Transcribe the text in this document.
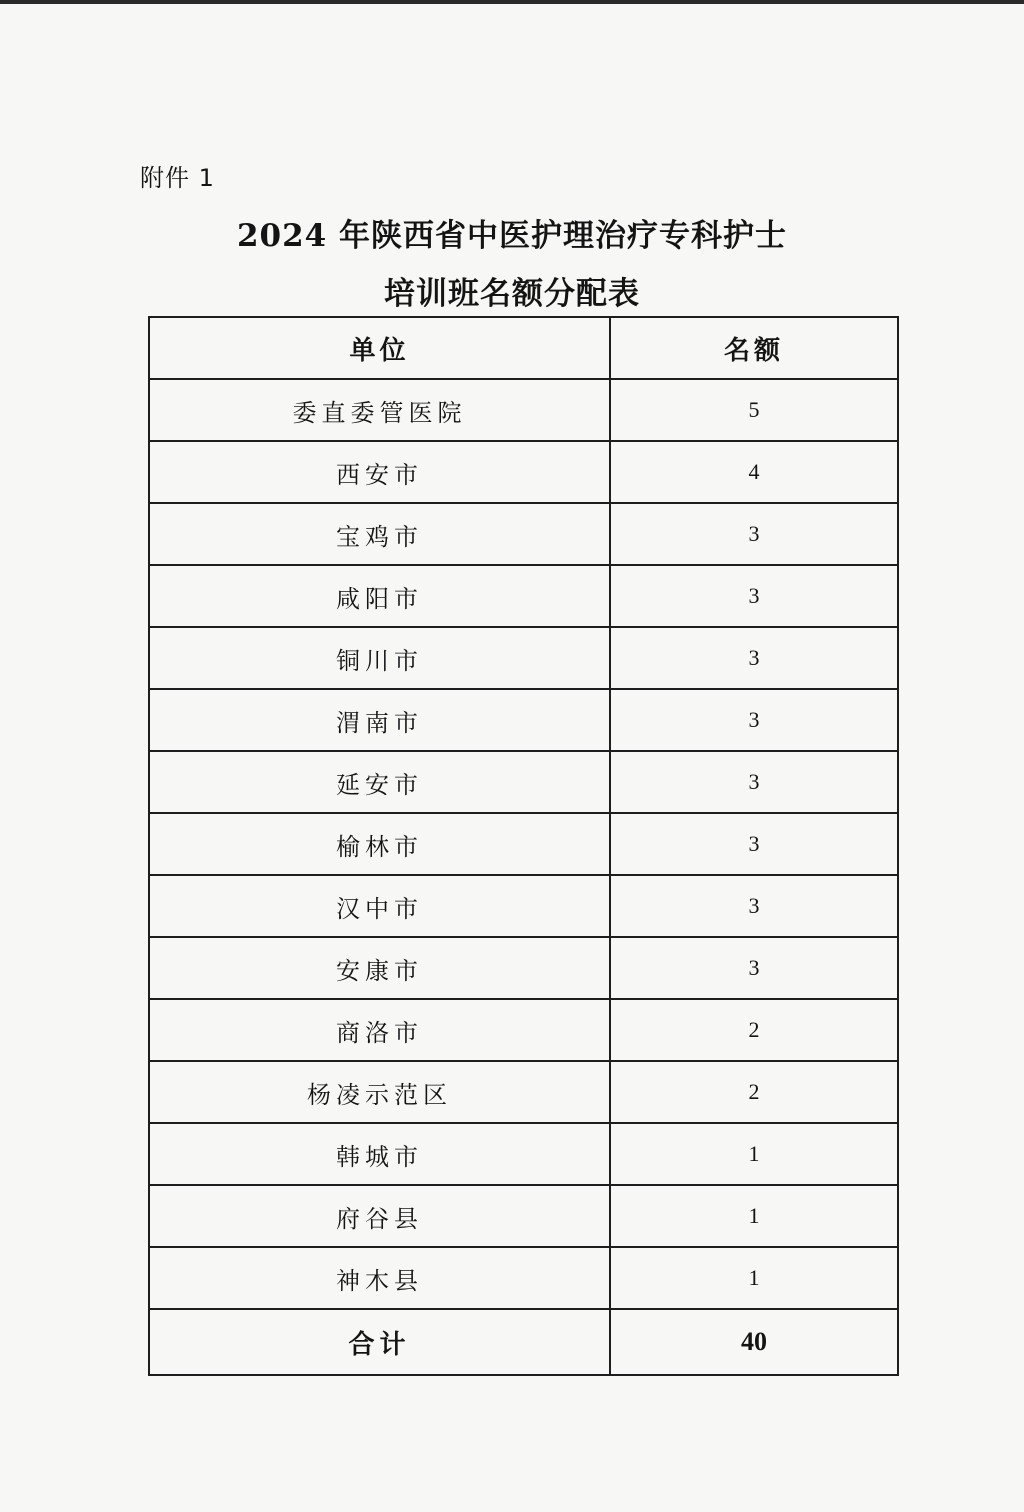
附件 1
2024 年陕西省中医护理治疗专科护士
培训班名额分配表
单位	名额
委直委管医院	5
西安市	4
宝鸡市	3
咸阳市	3
铜川市	3
渭南市	3
延安市	3
榆林市	3
汉中市	3
安康市	3
商洛市	2
杨凌示范区	2
韩城市	1
府谷县	1
神木县	1
合计	40
